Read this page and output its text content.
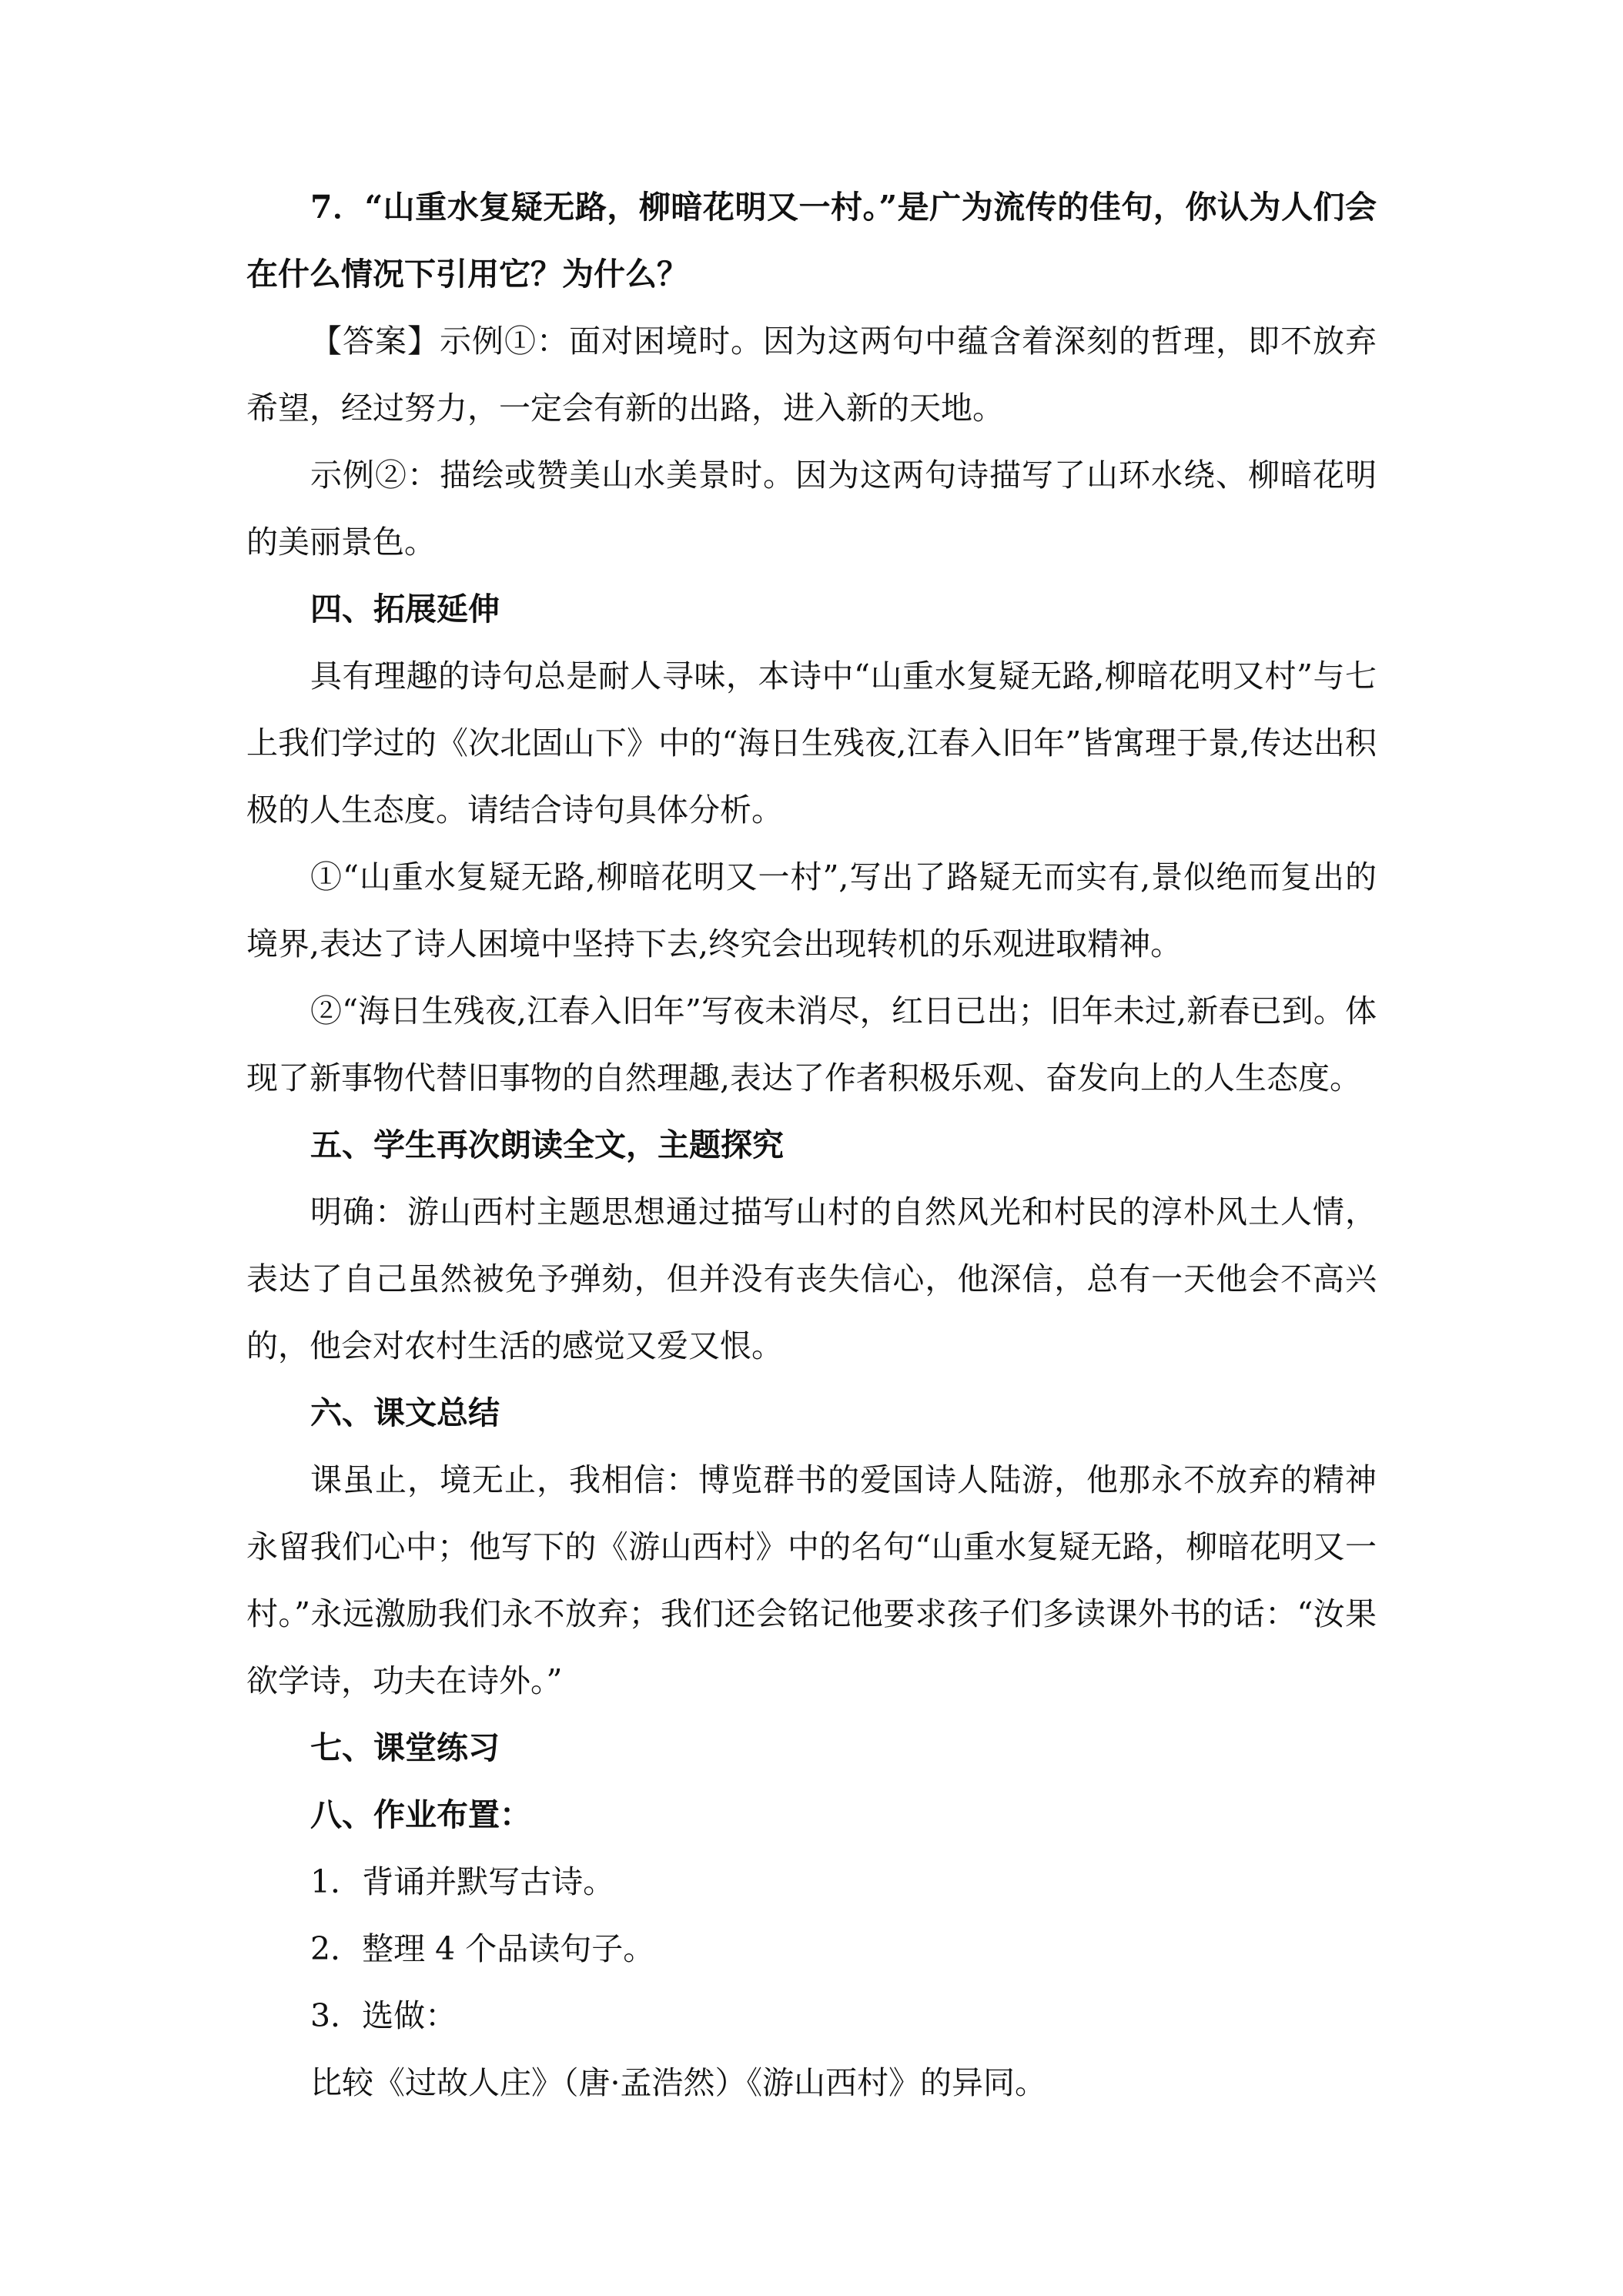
7．“山重水复疑无路，柳暗花明又一村。”是广为流传的佳句，你认为人们会在什么情况下引用它？为什么？

【答案】示例①：面对困境时。因为这两句中蕴含着深刻的哲理，即不放弃希望，经过努力，一定会有新的出路，进入新的天地。

示例②：描绘或赞美山水美景时。因为这两句诗描写了山环水绕、柳暗花明的美丽景色。

四、拓展延伸

具有理趣的诗句总是耐人寻味，本诗中“山重水复疑无路,柳暗花明又村”与七上我们学过的《次北固山下》中的“海日生残夜,江春入旧年”皆寓理于景,传达出积极的人生态度。请结合诗句具体分析。

①“山重水复疑无路,柳暗花明又一村”,写出了路疑无而实有,景似绝而复出的境界,表达了诗人困境中坚持下去,终究会出现转机的乐观进取精神。

②“海日生残夜,江春入旧年”写夜未消尽，红日已出；旧年未过,新春已到。体现了新事物代替旧事物的自然理趣,表达了作者积极乐观、奋发向上的人生态度。

五、学生再次朗读全文，主题探究

明确：游山西村主题思想通过描写山村的自然风光和村民的淳朴风土人情，表达了自己虽然被免予弹劾，但并没有丧失信心，他深信，总有一天他会不高兴的，他会对农村生活的感觉又爱又恨。

六、课文总结

课虽止，境无止，我相信：博览群书的爱国诗人陆游，他那永不放弃的精神永留我们心中；他写下的《游山西村》中的名句“山重水复疑无路，柳暗花明又一村。”永远激励我们永不放弃；我们还会铭记他要求孩子们多读课外书的话：“汝果欲学诗，功夫在诗外。”

七、课堂练习

八、作业布置：

1．背诵并默写古诗。

2．整理 4 个品读句子。

3．选做：

比较《过故人庄》（唐·孟浩然）《游山西村》的异同。
